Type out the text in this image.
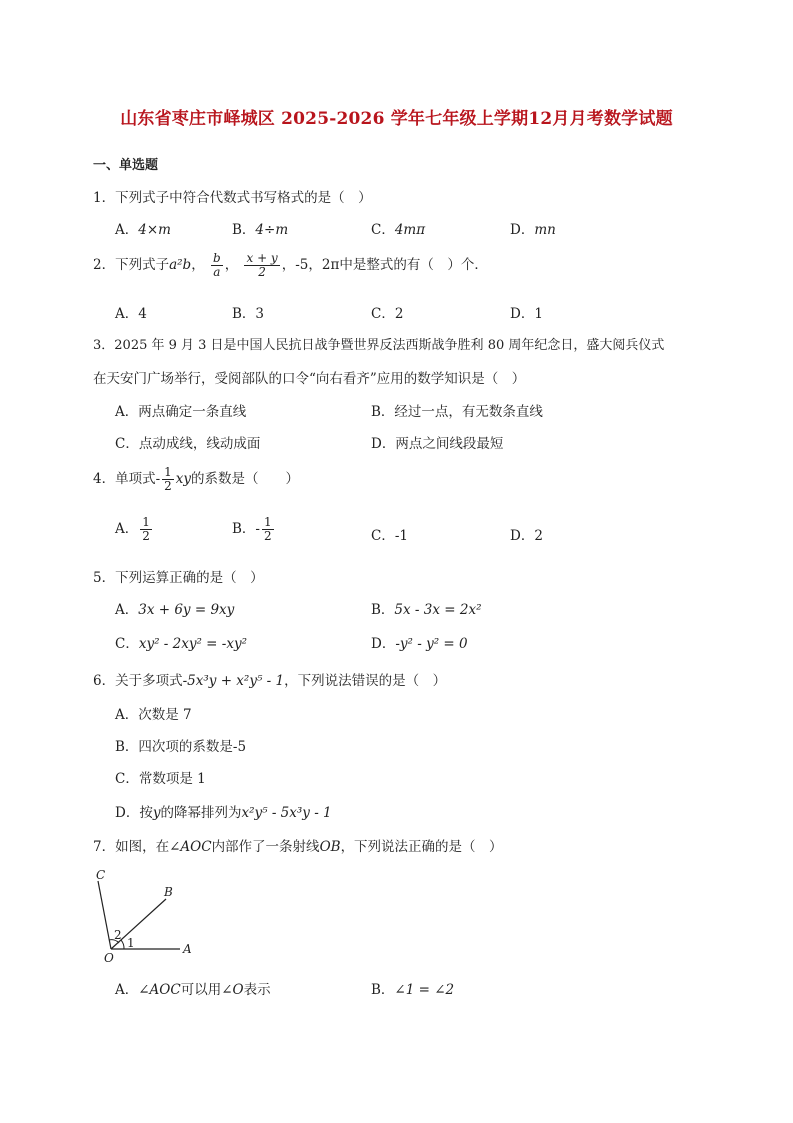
山东省枣庄市峄城区 2025-2026 学年七年级上学期12月月考数学试题
一、单选题
1．下列式子中符合代数式书写格式的是（　）
A．4×m	B．4÷m	C．4mπ	D．mn
2．下列式子a²b， $\frac{b}{a}$ ， $\frac{x + y}{2}$ ，-5，2π中是整式的有（　）个．
A．4	B．3	C．2	D．1
3．2025 年 9 月 3 日是中国人民抗日战争暨世界反法西斯战争胜利 80 周年纪念日，盛大阅兵仪式
在天安门广场举行，受阅部队的口令“向右看齐”应用的数学知识是（　）
A．两点确定一条直线	B．经过一点，有无数条直线
C．点动成线，线动成面	D．两点之间线段最短
4．单项式- $\frac{1}{2}$ xy的系数是（　　）
A． $\frac{1}{2}$	B．- $\frac{1}{2}$	C．-1	D．2
5．下列运算正确的是（　）
A．3x + 6y = 9xy	B．5x - 3x = 2x²
C．xy² - 2xy² = -xy²	D．-y² - y² = 0
6．关于多项式-5x³y + x²y⁵ - 1，下列说法错误的是（　）
A．次数是 7
B．四次项的系数是-5
C．常数项是 1
D．按y的降幂排列为x²y⁵ - 5x³y - 1
7．如图，在∠AOC内部作了一条射线OB，下列说法正确的是（　）
C
B
O
A
1
2
A．∠AOC可以用∠O表示	B．∠1 = ∠2
